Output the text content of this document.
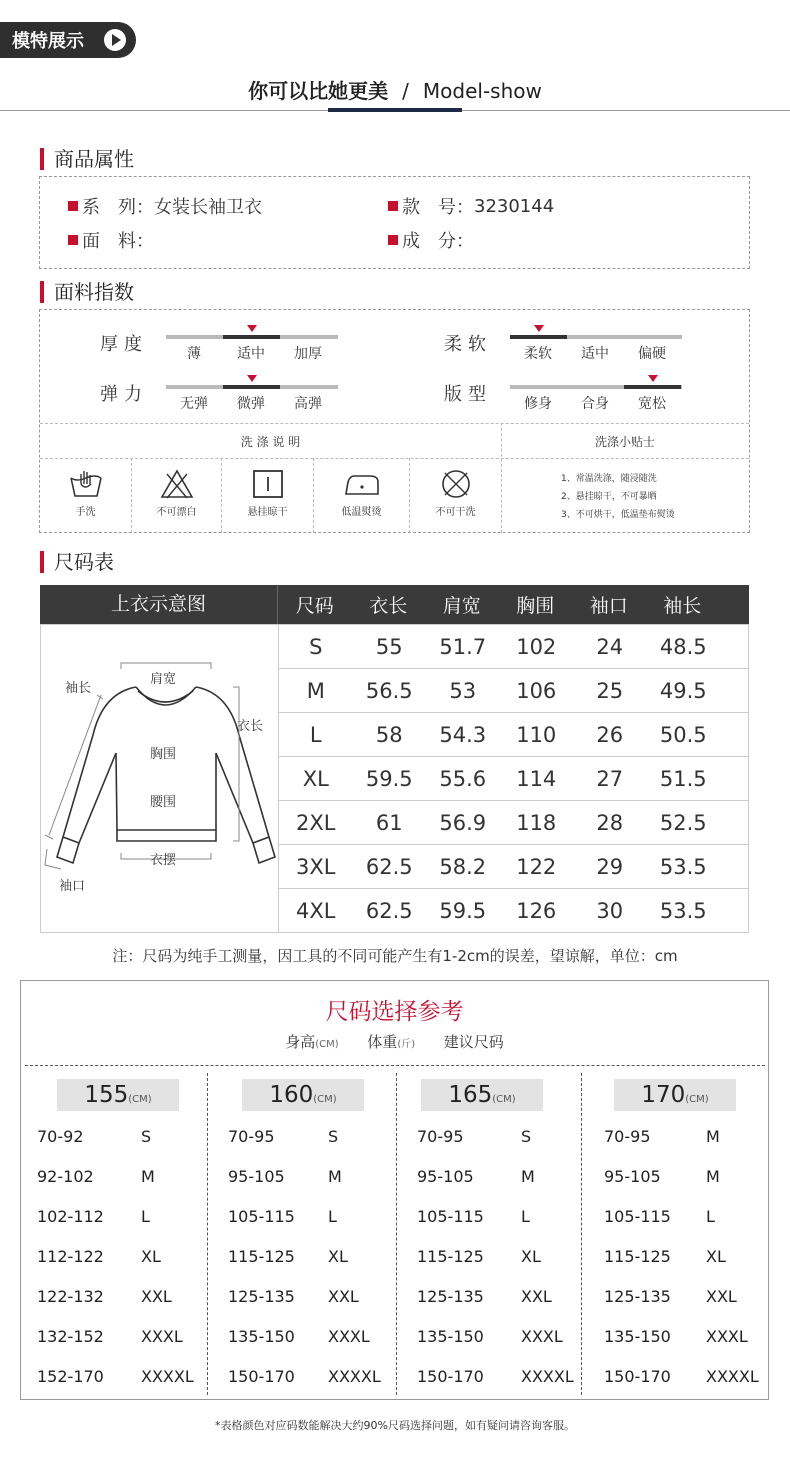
模特展示
你可以比她更美 / Model-show
商品属性
系　列： 女装长袖卫衣	款　号： 3230144
面　料：	成　分：
面料指数
厚度	薄	适中	加厚	柔软	柔软	适中	偏硬
弹力	无弹	微弹	高弹	版型	修身	合身	宽松
洗 涤 说 明	洗涤小贴士
手洗	不可漂白	悬挂晾干	低温熨烫	不可干洗
1、常温洗涤，随浸随洗
2、悬挂晾干，不可暴晒
3、不可烘干，低温垫布熨烫
尺码表
上衣示意图	尺码	衣长	肩宽	胸围	袖口	袖长
袖长
肩宽
衣长
胸围
腰围
衣摆
袖口
S	55	51.7	102	24	48.5
M	56.5	53	106	25	49.5
L	58	54.3	110	26	50.5
XL	59.5	55.6	114	27	51.5
2XL	61	56.9	118	28	52.5
3XL	62.5	58.2	122	29	53.5
4XL	62.5	59.5	126	30	53.5
注：尺码为纯手工测量，因工具的不同可能产生有1-2cm的误差，望谅解，单位：cm
尺码选择参考
身高(CM) 体重(斤) 建议尺码
155(CM)
70-92	S
92-102	M
102-112 L
112-122 XL
122-132 XXL
132-152 XXXL
152-170 XXXXL
160(CM)
70-95	S
95-105	M
105-115 L
115-125 XL
125-135 XXL
135-150 XXXL
150-170 XXXXL
165(CM)
70-95	S
95-105	M
105-115 L
115-125 XL
125-135 XXL
135-150 XXXL
150-170 XXXXL
170(CM)
70-95	M
95-105	M
105-115 L
115-125 XL
125-135 XXL
135-150 XXXL
150-170 XXXXL
*表格颜色对应码数能解决大约90%尺码选择问题，如有疑问请咨询客服。
